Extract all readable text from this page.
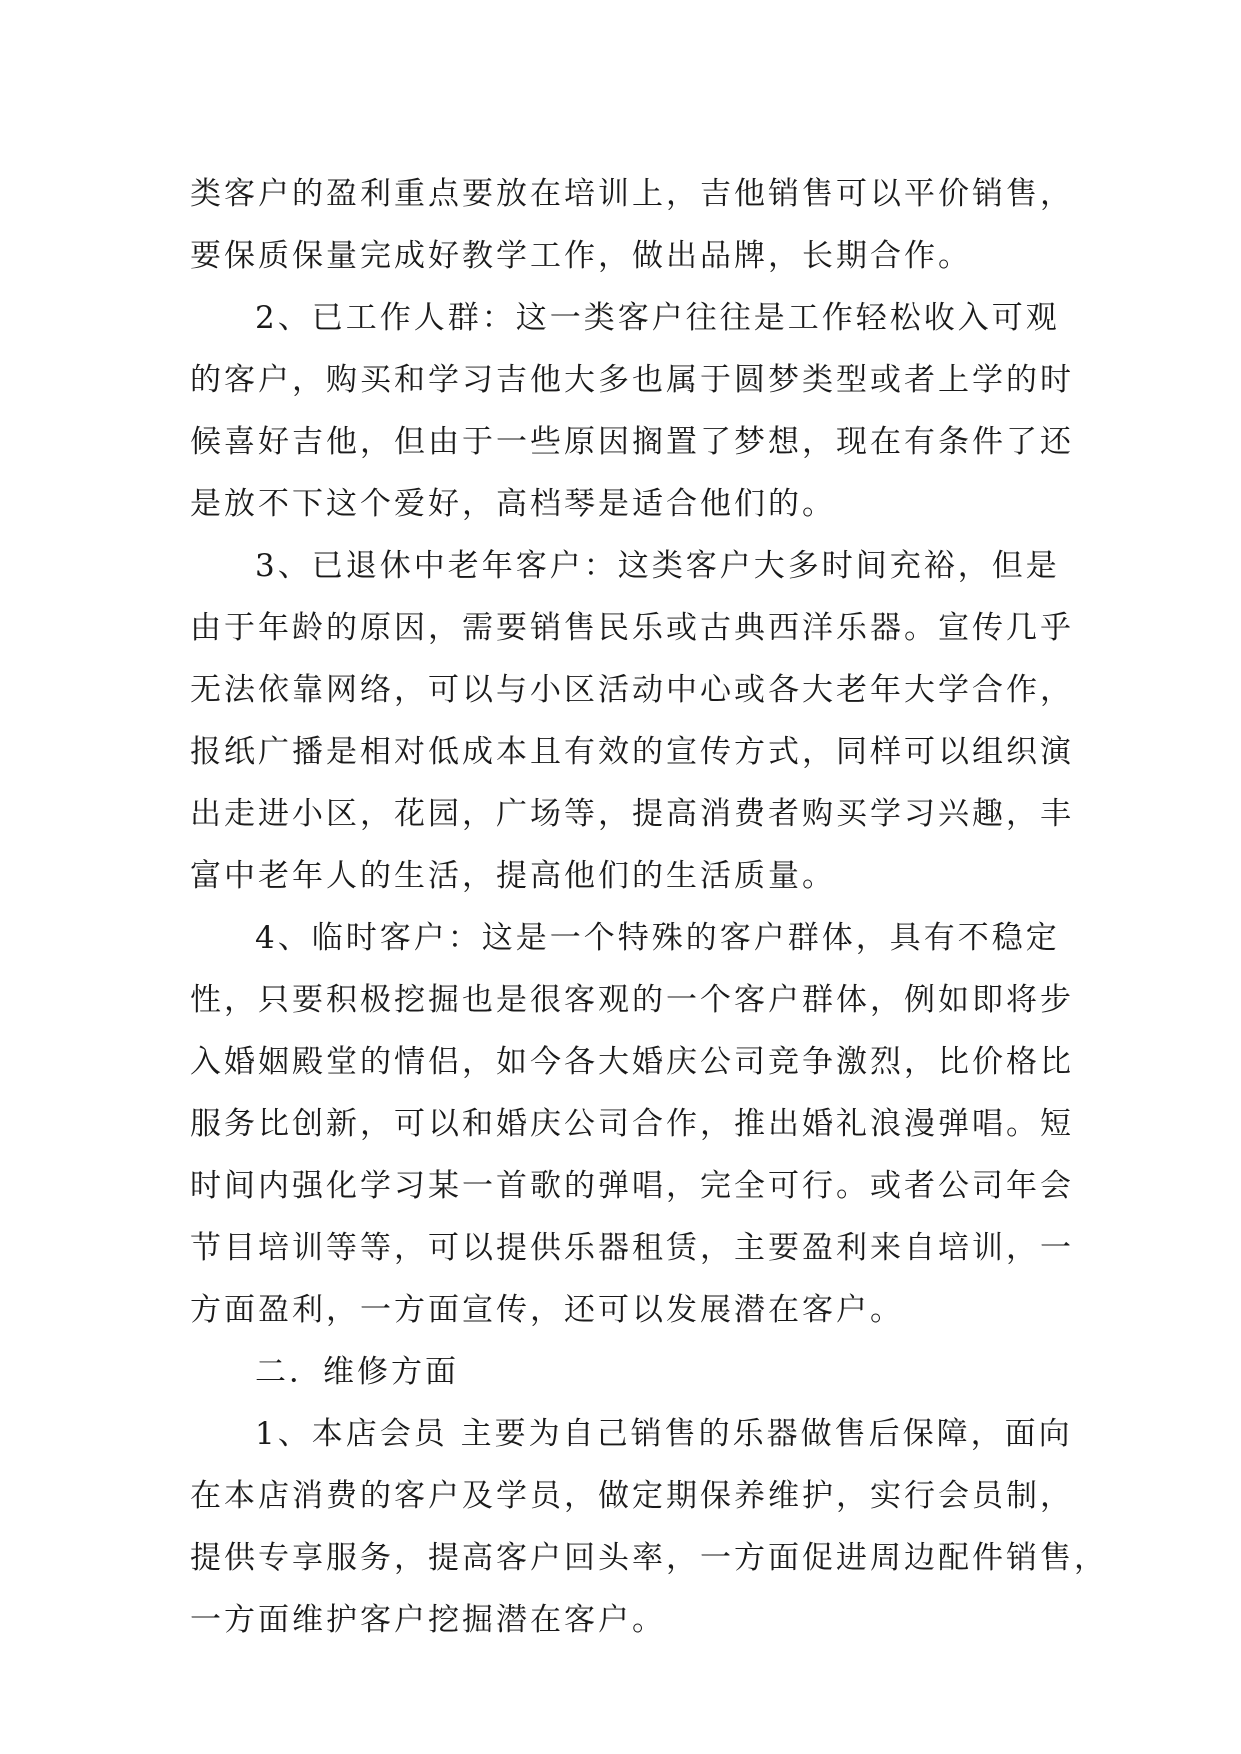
类客户的盈利重点要放在培训上，吉他销售可以平价销售，
要保质保量完成好教学工作，做出品牌，长期合作。
2、已工作人群：这一类客户往往是工作轻松收入可观
的客户，购买和学习吉他大多也属于圆梦类型或者上学的时
候喜好吉他，但由于一些原因搁置了梦想，现在有条件了还
是放不下这个爱好，高档琴是适合他们的。
3、已退休中老年客户：这类客户大多时间充裕，但是
由于年龄的原因，需要销售民乐或古典西洋乐器。宣传几乎
无法依靠网络，可以与小区活动中心或各大老年大学合作，
报纸广播是相对低成本且有效的宣传方式，同样可以组织演
出走进小区，花园，广场等，提高消费者购买学习兴趣，丰
富中老年人的生活，提高他们的生活质量。
4、临时客户：这是一个特殊的客户群体，具有不稳定
性，只要积极挖掘也是很客观的一个客户群体，例如即将步
入婚姻殿堂的情侣，如今各大婚庆公司竞争激烈，比价格比
服务比创新，可以和婚庆公司合作，推出婚礼浪漫弹唱。短
时间内强化学习某一首歌的弹唱，完全可行。或者公司年会
节目培训等等，可以提供乐器租赁，主要盈利来自培训，一
方面盈利，一方面宣传，还可以发展潜在客户。
二．维修方面
1、本店会员 主要为自己销售的乐器做售后保障，面向
在本店消费的客户及学员，做定期保养维护，实行会员制，
提供专享服务，提高客户回头率，一方面促进周边配件销售，
一方面维护客户挖掘潜在客户。
